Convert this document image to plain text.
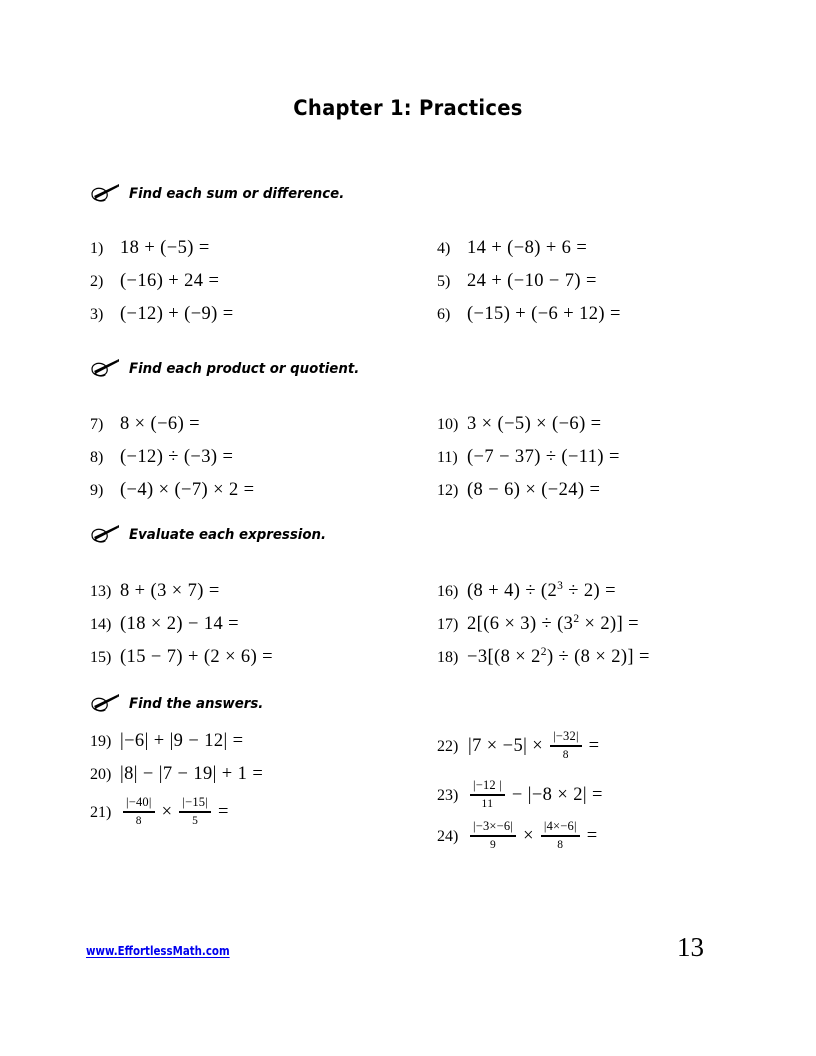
Chapter 1: Practices
Find each sum or difference.
1) 18 + (−5) =
2) (−16) + 24 =
3) (−12) + (−9) =
4) 14 + (−8) + 6 =
5) 24 + (−10 − 7) =
6) (−15) + (−6 + 12) =
Find each product or quotient.
7) 8 × (−6) =
8) (−12) ÷ (−3) =
9) (−4) × (−7) × 2 =
10) 3 × (−5) × (−6) =
11) (−7 − 37) ÷ (−11) =
12) (8 − 6) × (−24) =
Evaluate each expression.
13) 8 + (3 × 7) =
14) (18 × 2) − 14 =
15) (15 − 7) + (2 × 6) =
16) $(8 + 4) \div (2^3 \div 2)$ =
17) $2[(6 \times 3) \div (3^2 \times 2)]$ =
$18) -3[(8 \times 2^2) \div (8 \times 2)]$ =
Find the answers.
19) |−6| + |9 − 12| =
20) |8| − |7 − 19| + 1 =
$21) \frac{|-40|}{8} \times \frac{|-15|}{5}$ =
22) $|7 \times -5| \times \frac{|-32|}{8}$ =
$23) \frac{|-12 |}{11} - |-8 \times 2|$ =
$24) \frac{|-3\times-6|}{9} \times \frac{|4\times-6|}{8}$ =
www.EffortlessMath.com	13
